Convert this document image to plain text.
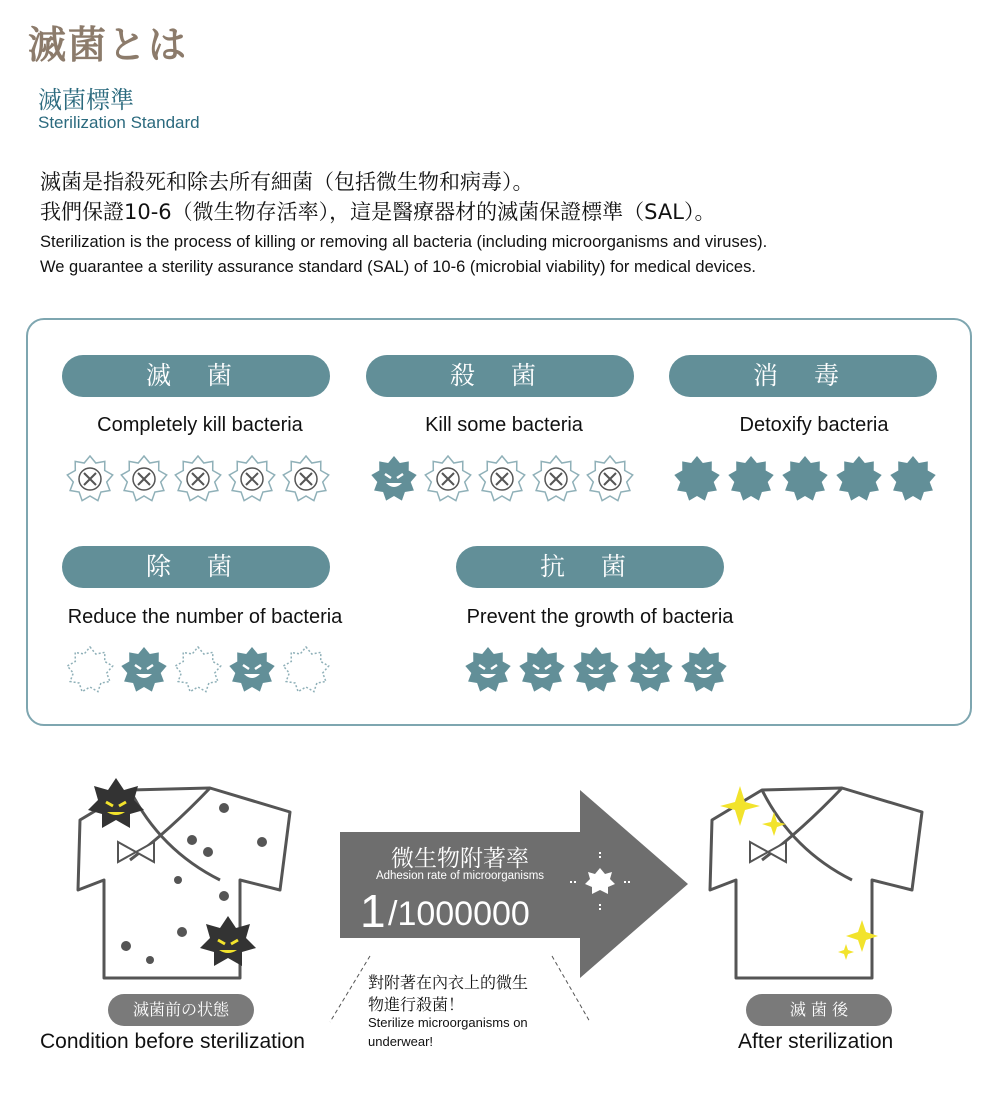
滅菌とは
滅菌標準
Sterilization Standard
滅菌是指殺死和除去所有細菌（包括微生物和病毒）。
我們保證10-6（微生物存活率），這是醫療器材的滅菌保證標準（SAL）。
Sterilization is the process of killing or removing all bacteria (including microorganisms and viruses).
We guarantee a sterility assurance standard (SAL) of 10-6 (microbial viability) for medical devices.
滅 菌
Completely kill bacteria
殺 菌
Kill some bacteria
消 毒
Detoxify bacteria
除 菌
Reduce the number of bacteria
抗 菌
Prevent the growth of bacteria
微生物附著率
Adhesion rate of microorganisms
1 /1000000
對附著在內衣上的微生
物進行殺菌！
Sterilize microorganisms on
underwear!
滅菌前の状態
Condition before sterilization
滅 菌 後
After sterilization
